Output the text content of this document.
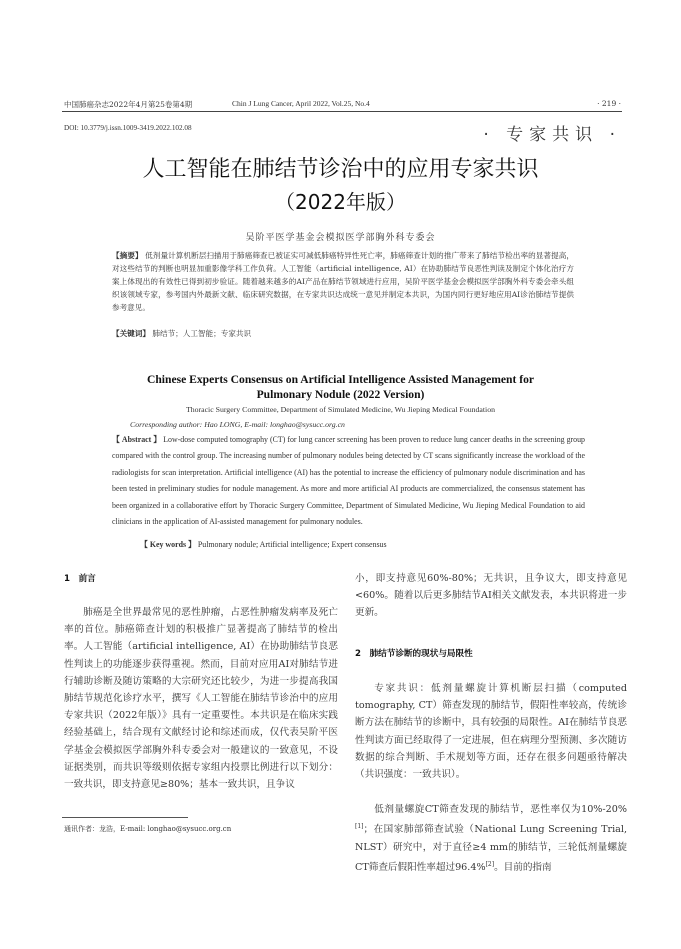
中国肺癌杂志2022年4月第25卷第4期	Chin J Lung Cancer, April 2022, Vol.25, No.4	· 219 ·
DOI: 10.3779/j.issn.1009-3419.2022.102.08	· 专家共识 ·
人工智能在肺结节诊治中的应用专家共识
（2022年版）
吴阶平医学基金会模拟医学部胸外科专委会
【摘要】 低剂量计算机断层扫描用于肺癌筛查已被证实可减低肺癌特异性死亡率，肺癌筛查计划的推广带来了肺结节检出率的显著提高，对这些结节的判断也明显加重影像学科工作负荷。人工智能（artificial intelligence, AI）在协助肺结节良恶性判读及制定个体化治疗方案上体现出的有效性已得到初步验证。随着越来越多的AI产品在肺结节领域进行应用，吴阶平医学基金会模拟医学部胸外科专委会牵头组织该领域专家，参考国内外最新文献、临床研究数据，在专家共识达成统一意见并制定本共识，为国内同行更好地应用AI诊治肺结节提供参考意见。
【关键词】 肺结节；人工智能；专家共识
Chinese Experts Consensus on Artificial Intelligence Assisted Management for
Pulmonary Nodule (2022 Version)
Thoracic Surgery Committee, Department of Simulated Medicine, Wu Jieping Medical Foundation
Corresponding author: Hao LONG, E-mail: longhao@sysucc.org.cn
【 Abstract 】 Low-dose computed tomography (CT) for lung cancer screening has been proven to reduce lung cancer deaths in the screening group compared with the control group. The increasing number of pulmonary nodules being detected by CT scans significantly increase the workload of the radiologists for scan interpretation. Artificial intelligence (AI) has the potential to increase the efficiency of pulmonary nodule discrimination and has been tested in preliminary studies for nodule management. As more and more artificial AI products are commercialized, the consensus statement has been organized in a collaborative effort by Thoracic Surgery Committee, Department of Simulated Medicine, Wu Jieping Medical Foundation to aid clinicians in the application of AI-assisted management for pulmonary nodules.
【 Key words 】 Pulmonary nodule; Artificial intelligence; Expert consensus
1　前言
肺癌是全世界最常见的恶性肿瘤，占恶性肿瘤发病率及死亡率的首位。肺癌筛查计划的积极推广显著提高了肺结节的检出率。人工智能（artificial intelligence, AI）在协助肺结节良恶性判读上的功能逐步获得重视。然而，目前对应用AI对肺结节进行辅助诊断及随访策略的大宗研究还比较少，为进一步提高我国肺结节规范化诊疗水平，撰写《人工智能在肺结节诊治中的应用专家共识（2022年版）》具有一定重要性。本共识是在临床实践经验基础上，结合现有文献经讨论和综述而成，仅代表吴阶平医学基金会模拟医学部胸外科专委会对一般建议的一致意见，不设证据类别，而共识等级则依据专家组内投票比例进行以下划分：一致共识，即支持意见≥80%；基本一致共识，且争议
小，即支持意见60%-80%；无共识，且争议大，即支持意见<60%。随着以后更多肺结节AI相关文献发表，本共识将进一步更新。
2　肺结节诊断的现状与局限性
专家共识：低剂量螺旋计算机断层扫描（computed tomography, CT）筛查发现的肺结节，假阳性率较高，传统诊断方法在肺结节的诊断中，具有较强的局限性。AI在肺结节良恶性判读方面已经取得了一定进展，但在病理分型预测、多次随访数据的综合判断、手术规划等方面，还存在很多问题亟待解决（共识强度：一致共识）。
低剂量螺旋CT筛查发现的肺结节，恶性率仅为10%-20%[1]；在国家肺部筛查试验（National Lung Screening Trial, NLST）研究中，对于直径≥4 mm的肺结节，三轮低剂量螺旋CT筛查后假阳性率超过96.4%[2]。目前的指南
通讯作者：龙浩，E-mail: longhao@sysucc.org.cn
